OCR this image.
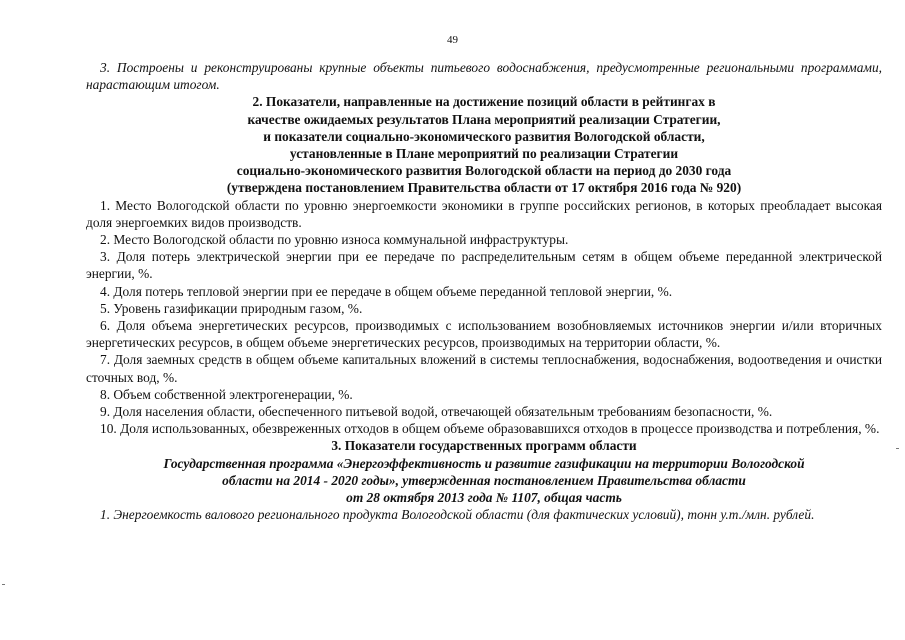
49

3. Построены и реконструированы крупные объекты питьевого водоснабжения, предусмотренные региональными программами, нарастающим итогом.

2. Показатели, направленные на достижение позиций области в рейтингах в
качестве ожидаемых результатов Плана мероприятий реализации Стратегии,
и показатели социально-экономического развития Вологодской области,
установленные в Плане мероприятий по реализации Стратегии
социально-экономического развития Вологодской области на период до 2030 года
(утверждена постановлением Правительства области от 17 октября 2016 года № 920)

1. Место Вологодской области по уровню энергоемкости экономики в группе российских регионов, в которых преобладает высокая доля энергоемких видов производств.

2. Место Вологодской области по уровню износа коммунальной инфраструктуры.

3. Доля потерь электрической энергии при ее передаче по распределительным сетям в общем объеме переданной электрической энергии, %.

4. Доля потерь тепловой энергии при ее передаче в общем объеме переданной тепловой энергии, %.

5. Уровень газификации природным газом, %.

6. Доля объема энергетических ресурсов, производимых с использованием возобновляемых источников энергии и/или вторичных энергетических ресурсов, в общем объеме энергетических ресурсов, производимых на территории области, %.

7. Доля заемных средств в общем объеме капитальных вложений в системы теплоснабжения, водоснабжения, водоотведения и очистки сточных вод, %.

8. Объем собственной электрогенерации, %.

9. Доля населения области, обеспеченного питьевой водой, отвечающей обязательным требованиям безопасности, %.

10. Доля использованных, обезвреженных отходов в общем объеме образовавшихся отходов в процессе производства и потребления, %.

3. Показатели государственных программ области
Государственная программа «Энергоэффективность и развитие газификации на территории Вологодской
области на 2014 - 2020 годы», утвержденная постановлением Правительства области
от 28 октября 2013 года № 1107, общая часть

1. Энергоемкость валового регионального продукта Вологодской области (для фактических условий), тонн у.т./млн. рублей.
